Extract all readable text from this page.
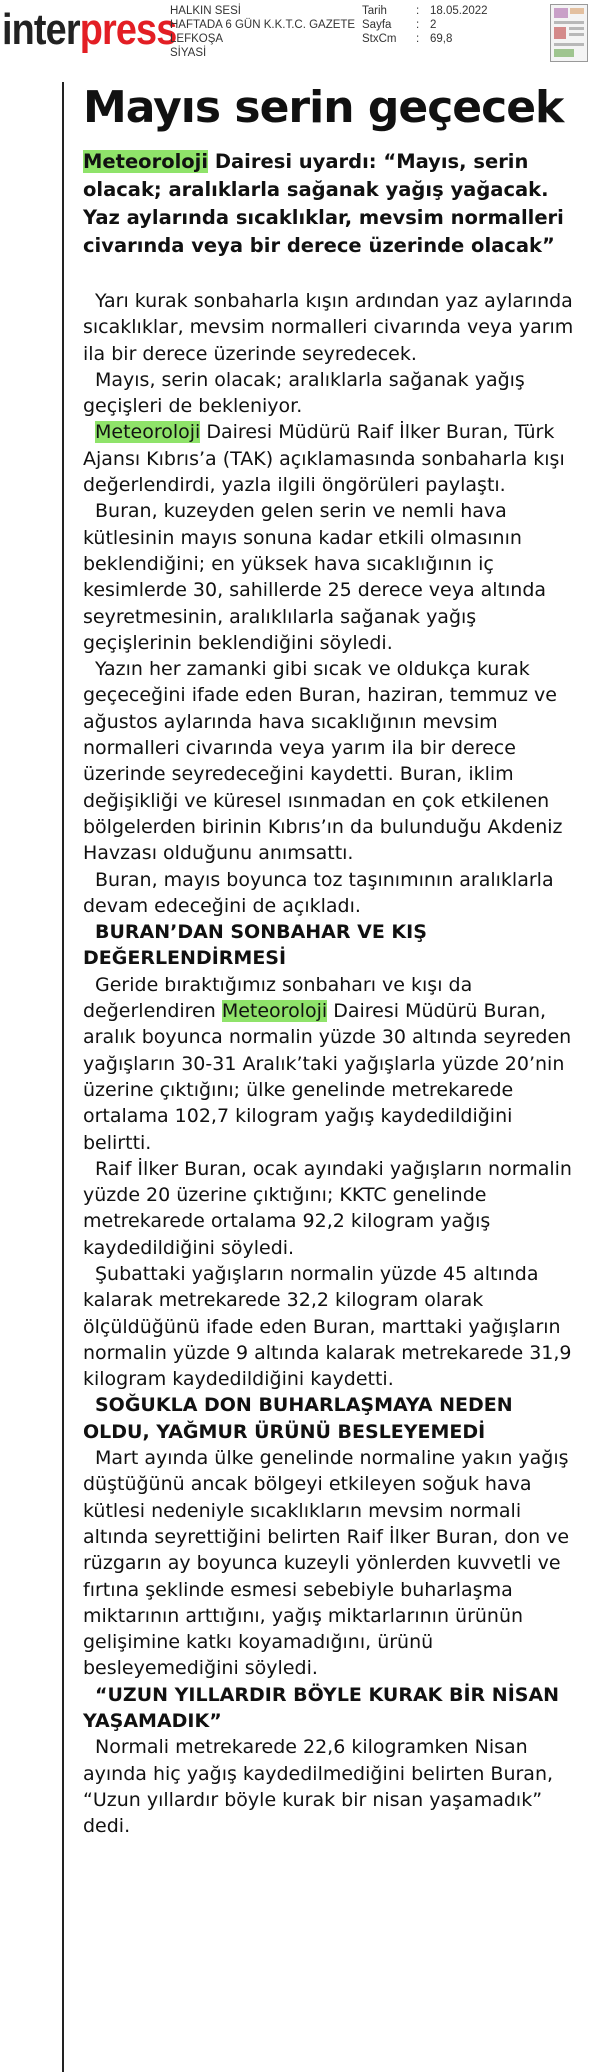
interpress
HALKIN SESİ
HAFTADA 6 GÜN K.K.T.C. GAZETE
LEFKOŞA
SİYASİ
Tarih	: 18.05.2022
Sayfa	: 2
StxCm	: 69,8
Mayıs serin geçecek
Meteoroloji Dairesi uyardı: “Mayıs, serin olacak; aralıklarla sağanak yağış yağacak. Yaz aylarında sıcaklıklar, mevsim normalleri civarında veya bir derece üzerinde olacak”

Yarı kurak sonbaharla kışın ardından yaz aylarında sıcaklıklar, mevsim normalleri civarında veya yarım ila bir derece üzerinde seyredecek.

Mayıs, serin olacak; aralıklarla sağanak yağış geçişleri de bekleniyor.

Meteoroloji Dairesi Müdürü Raif İlker Buran, Türk Ajansı Kıbrıs’a (TAK) açıklamasında sonbaharla kışı değerlendirdi, yazla ilgili öngörüleri paylaştı.

Buran, kuzeyden gelen serin ve nemli hava kütlesinin mayıs sonuna kadar etkili olmasının beklendiğini; en yüksek hava sıcaklığının iç kesimlerde 30, sahillerde 25 derece veya altında seyretmesinin, aralıklılarla sağanak yağış geçişlerinin beklendiğini söyledi.

Yazın her zamanki gibi sıcak ve oldukça kurak geçeceğini ifade eden Buran, haziran, temmuz ve ağustos aylarında hava sıcaklığının mevsim normalleri civarında veya yarım ila bir derece üzerinde seyredeceğini kaydetti. Buran, iklim değişikliği ve küresel ısınmadan en çok etkilenen bölgelerden birinin Kıbrıs’ın da bulunduğu Akdeniz Havzası olduğunu anımsattı.

Buran, mayıs boyunca toz taşınımının aralıklarla devam edeceğini de açıkladı.

BURAN’DAN SONBAHAR VE KIŞ DEĞERLENDİRMESİ

Geride bıraktığımız sonbaharı ve kışı da değerlendiren Meteoroloji Dairesi Müdürü Buran, aralık boyunca normalin yüzde 30 altında seyreden yağışların 30-31 Aralık’taki yağışlarla yüzde 20’nin üzerine çıktığını; ülke genelinde metrekarede ortalama 102,7 kilogram yağış kaydedildiğini belirtti.

Raif İlker Buran, ocak ayındaki yağışların normalin yüzde 20 üzerine çıktığını; KKTC genelinde metrekarede ortalama 92,2 kilogram yağış kaydedildiğini söyledi.

Şubattaki yağışların normalin yüzde 45 altında kalarak metrekarede 32,2 kilogram olarak ölçüldüğünü ifade eden Buran, marttaki yağışların normalin yüzde 9 altında kalarak metrekarede 31,9 kilogram kaydedildiğini kaydetti.

SOĞUKLA DON BUHARLAŞMAYA NEDEN OLDU, YAĞMUR ÜRÜNÜ BESLEYEMEDİ

Mart ayında ülke genelinde normaline yakın yağış düştüğünü ancak bölgeyi etkileyen soğuk hava kütlesi nedeniyle sıcaklıkların mevsim normali altında seyrettiğini belirten Raif İlker Buran, don ve rüzgarın ay boyunca kuzeyli yönlerden kuvvetli ve fırtına şeklinde esmesi sebebiyle buharlaşma miktarının arttığını, yağış miktarlarının ürünün gelişimine katkı koyamadığını, ürünü besleyemediğini söyledi.

“UZUN YILLARDIR BÖYLE KURAK BİR NİSAN YAŞAMADIK”

Normali metrekarede 22,6 kilogramken Nisan ayında hiç yağış kaydedilmediğini belirten Buran, “Uzun yıllardır böyle kurak bir nisan yaşamadık” dedi.
